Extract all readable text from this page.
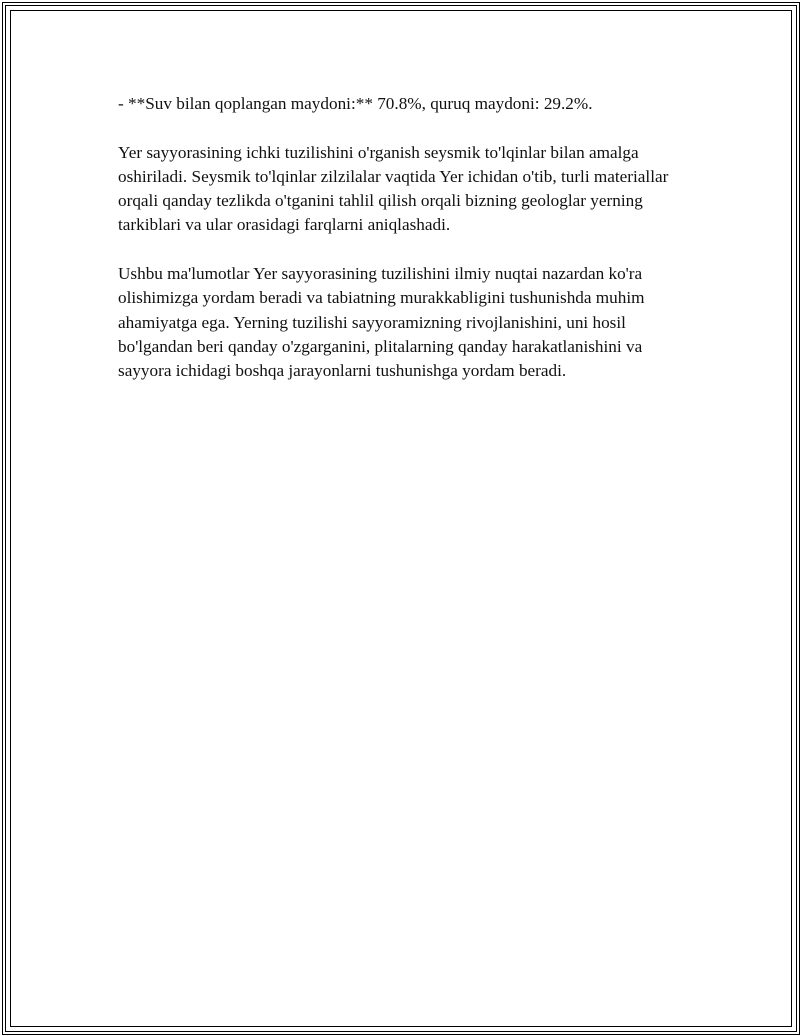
- **Suv bilan qoplangan maydoni:** 70.8%, quruq maydoni: 29.2%.

Yer sayyorasining ichki tuzilishini o'rganish seysmik to'lqinlar bilan amalga oshiriladi. Seysmik to'lqinlar zilzilalar vaqtida Yer ichidan o'tib, turli materiallar orqali qanday tezlikda o'tganini tahlil qilish orqali bizning geologlar yerning tarkiblari va ular orasidagi farqlarni aniqlashadi.

Ushbu ma'lumotlar Yer sayyorasining tuzilishini ilmiy nuqtai nazardan ko'ra olishimizga yordam beradi va tabiatning murakkabligini tushunishda muhim ahamiyatga ega. Yerning tuzilishi sayyoramizning rivojlanishini, uni hosil bo'lgandan beri qanday o'zgarganini, plitalarning qanday harakatlanishini va sayyora ichidagi boshqa jarayonlarni tushunishga yordam beradi.
